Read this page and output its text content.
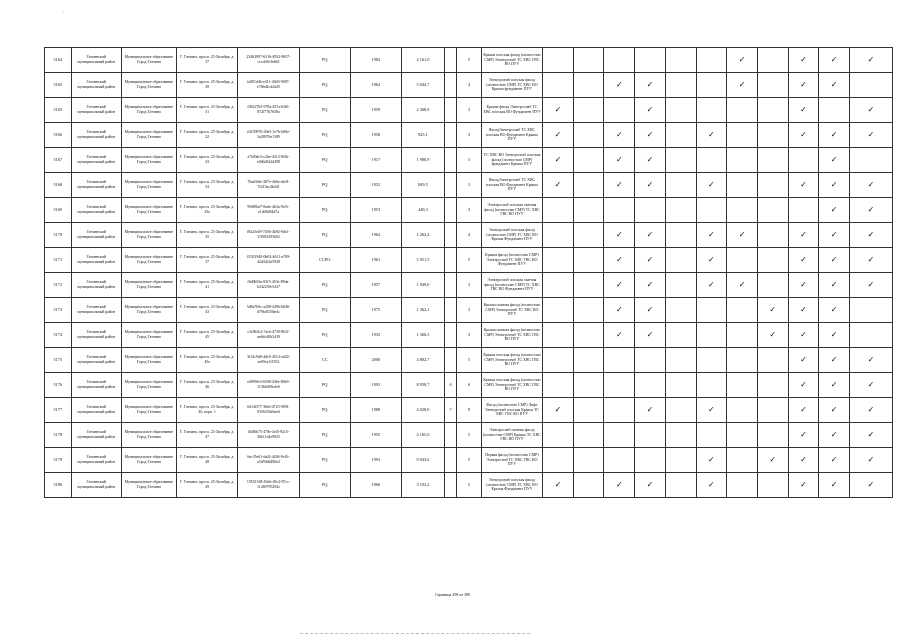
-
5164	Гатчинский муниципальный район	Муниципальное образование Город Гатчина	Г. Гатчина, просп. 25 Октября, д. 37	23462897-6316-4932-9657-cccdc9e3e6b5	PQ	1982	4 161,0		5	Крыша плоская фасад (полностью СМР) Электроснаб ТС ХВС ГВС ВО ПУУ							✓		✓	✓	✓
5165	Гатчинский муниципальный район	Муниципальное образование Город Гатчина	Г. Гатчина, просп. 25 Октября, д. 28	fa081d4b-e411-40d3-9087-e76bd2cd2d45	PQ	1962	3 044,7		4	Электроснаб плоская фасад (полностью СМР) ТС ХВС ВО Крыша фундамент ПУУ			✓	✓			✓		✓	✓	
5165	Гатчинский муниципальный район	Муниципальное образование Город Гатчина	Г. Гатчина, просп. 25 Октября, д. 31	f38227b5-978a-437a-b3f6-872f77b7658a	PQ	1959	2 368,9		3	Крыша фасад Электроснаб ТС ХВС плоская ВО Фундамент ПУУ	✓			✓					✓		✓
5166	Гатчинский муниципальный район	Муниципальное образование Город Гатчина	Г. Гатчина, просп. 25 Октября, д. 32	24159976-49a5-1e7b-b06e-3a28076e1389	PQ	1958	925,1		3	ФасадЭлектроснаб ТС ХВС плоская ВО Фундамент Крыша ПУУ	✓		✓	✓		✓			✓	✓	✓
5167	Гатчинский муниципальный район	Муниципальное образование Город Гатчина	Г. Гатчина, просп. 25 Октября, д. 33	a7fd0dc3-c2be-4313-9f3b-e466d5d2d398	PQ	1917	1 988,9		3	ТС ХВС ВО Электроснаб плоская фасад (полностью СМР) фундамент Крыша ПУУ	✓		✓	✓						✓	
5168	Гатчинский муниципальный район	Муниципальное образование Город Гатчина	Г. Гатчина, просп. 25 Октября, д. 34	76ad3dfe-287e-4b6e-a6c9-7f413ac4b441	PQ	1952	849,5		3	ФасадЭлектроснаб ТС ХВС плоская ВО Фундамент Крыша ПУУ	✓		✓	✓		✓			✓	✓	✓
5169	Гатчинский муниципальный район	Муниципальное образование Город Гатчина	Г. Гатчина, просп. 25 Октября, д. 35а	99d98af7-8ade-4b3a-9a7e-e1dd5d84d7a	PQ	1953	448,3		3	Электроснаб плоская скатная фасад (полностью СМР) ТС ХВС ГВС ВО ПУУ										✓	✓
5170	Гатчинский муниципальный район	Муниципальное образование Город Гатчина	Г. Гатчина, просп. 25 Октября, д. 35	f82a5e49-7d56-4b92-9de1-37f693293602	PQ	1962	1 262,4		4	Электроснаб плоская фасад (полностью СМР) ТС ХВС ВО Крыша Фундамент ПУУ			✓	✓		✓	✓		✓	✓	✓
5171	Гатчинский муниципальный район	Муниципальное образование Город Гатчина	Г. Гатчина, просп. 25 Октября, д. 37	41501940-0b02-4611-a709-42d4422e5928	CCPO	1961	5 051,5		5	Крыша фасад (полностью СМР) Электроснаб ТС ХВС ГВС ВО Фундамент ПУУ			✓	✓		✓			✓	✓	✓
5172	Гатчинский муниципальный район	Муниципальное образование Город Гатчина	Г. Гатчина, просп. 25 Октября, д. 41	f6d0b92a-83f5-453e-89da-b342239c5437	PQ	1957	1 949,0		3	Электроснаб плоская скатная фасад (полностью СМР) ТС ХВС ГВС ВО Фундамент ПУУ			✓	✓		✓	✓		✓	✓	✓
5173	Гатчинский муниципальный район	Муниципальное образование Город Гатчина	Г. Гатчина, просп. 25 Октября, д. 43	5d8a7b9c-a208-4496-b846-d79bd5336e4c	PQ	1975	1 362,1		3	Крыша скатная фасад (полностью СМР) Электроснаб ТС ХВС ВО ПУУ			✓	✓				✓	✓	✓	
5174	Гатчинский муниципальный район	Муниципальное образование Город Гатчина	Г. Гатчина, просп. 25 Октября, д. 45	c3e8b3c2-7acb-4739-8b5f-ae6dc40b3439	PQ	1935	1 366,5		3	Крыша скатная фасад (полностью СМР) Электроснаб ТС ХВС ГВС ВО ПУУ			✓	✓				✓	✓	✓	
5175	Гатчинский муниципальный район	Муниципальное образование Город Гатчина	Г. Гатчина, просп. 25 Октября, д. 45а	3f14c9d0-4de5-4514-a424-ee09ca1f1952	CC	2000	4 882,7		5	Крыша плоская фасад (полностью СМР) Электроснаб ТС ХВС ГВС ВО ПУУ									✓	✓	✓
5176	Гатчинский муниципальный район	Муниципальное образование Город Гатчина	Г. Гатчина, просп. 25 Октября, д. 46	ed999fe3-6508-436e-88e9-11366496cde0	PQ	1992	8 958,7	6	6	Крыша плоская фасад (полностью СМР) Электроснаб ТС ХВС ГВС ВО ПУУ									✓	✓	✓
5177	Гатчинский муниципальный район	Муниципальное образование Город Гатчина	Г. Гатчина, просп. 25 Октября, д. 46, корп. 1	0d14f377-36fd-4725-9091-9356356e6ae6	PQ	1988	4 028,0	7	9	Фасад (полностью СМР) Лифт Электроснаб плоская Крыша ТС ХВС ГВС ВО ПУУ	✓			✓		✓			✓	✓	✓
5178	Гатчинский муниципальный район	Муниципальное образование Город Гатчина	Г. Гатчина, просп. 25 Октября, д. 47	0f4f6b75-478e-4ef5-82c5-36b1144e9825	PQ	1955	4 165,0		5	Электроснаб скатная фасад (полностью СМР) Крыша ТС ХВС ГВС ВО ПУУ									✓	✓	✓
5179	Гатчинский муниципальный район	Муниципальное образование Город Гатчина	Г. Гатчина, просп. 25 Октября, д. 48	6ec35e61-da2f-4436-9e16-a5d59d6480a3	PQ	1993	9 043,6		5	Первая фасад (полностью СМР) Электроснаб ТС ХВС ГВС ВО ПУУ						✓		✓	✓	✓	✓
5180	Гатчинский муниципальный район	Муниципальное образование Город Гатчина	Г. Гатчина, просп. 25 Октября, д. 49	19551548-83e6-49c2-87cc-11469795292e	PQ	1966	3 103,2		5	Электроснаб плоская фасад (полностью СМР) ТС ХВС ВО Крыша Фундамент ПУУ	✓		✓	✓		✓			✓	✓	✓
Страница 298 из 389
